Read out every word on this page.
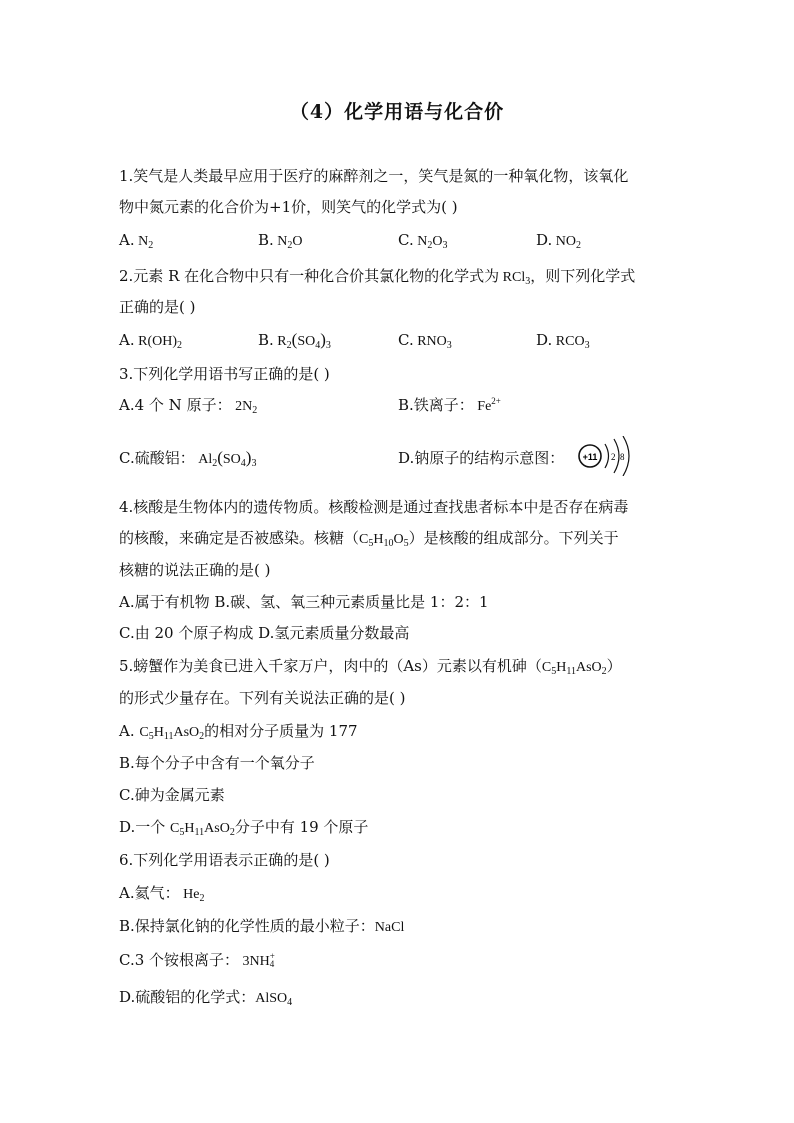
（4）化学用语与化合价
1.笑气是人类最早应用于医疗的麻醉剂之一，笑气是氮的一种氧化物，该氧化
物中氮元素的化合价为+1价，则笑气的化学式为( )
A. $N_2$	B. $N_2O$	C. $N_2O_3$	D. $NO_2$
2.元素 R 在化合物中只有一种化合价其氯化物的化学式为 RCl$_3$，则下列化学式
正确的是( )
A. $R(OH)_2$	B. $R_2(SO_4)_3$	C. $RNO_3$	D. $RCO_3$
3.下列化学用语书写正确的是( )
A.4 个 N 原子： $2N_2$	B.铁离子： $Fe^{2+}$
C.硫酸铝： $Al_2(SO_4)_3$	D.钠原子的结构示意图： +11 2 8
4.核酸是生物体内的遗传物质。核酸检测是通过查找患者标本中是否存在病毒
的核酸，来确定是否被感染。核糖$(C_5H_{10}O_5)$是核酸的组成部分。下列关于
核糖的说法正确的是( )
A.属于有机物 B.碳、氢、氧三种元素质量比是 1：2：1
C.由 20 个原子构成 D.氢元素质量分数最高
5.螃蟹作为美食已进入千家万户，肉中的（As）元素以有机砷$(C_5H_{11}AsO_2)$
的形式少量存在。下列有关说法正确的是( )
A. $C_5H_{11}AsO_2$的相对分子质量为 177
B.每个分子中含有一个氧分子
C.砷为金属元素
D.一个 $C_5H_{11}AsO_2$分子中有 19 个原子
6.下列化学用语表示正确的是( )
A.氦气： $He_2$
B.保持氯化钠的化学性质的最小粒子：NaCl
C.3 个铵根离子： 3NH +
4
D.硫酸铝的化学式：AlSO$_4$
